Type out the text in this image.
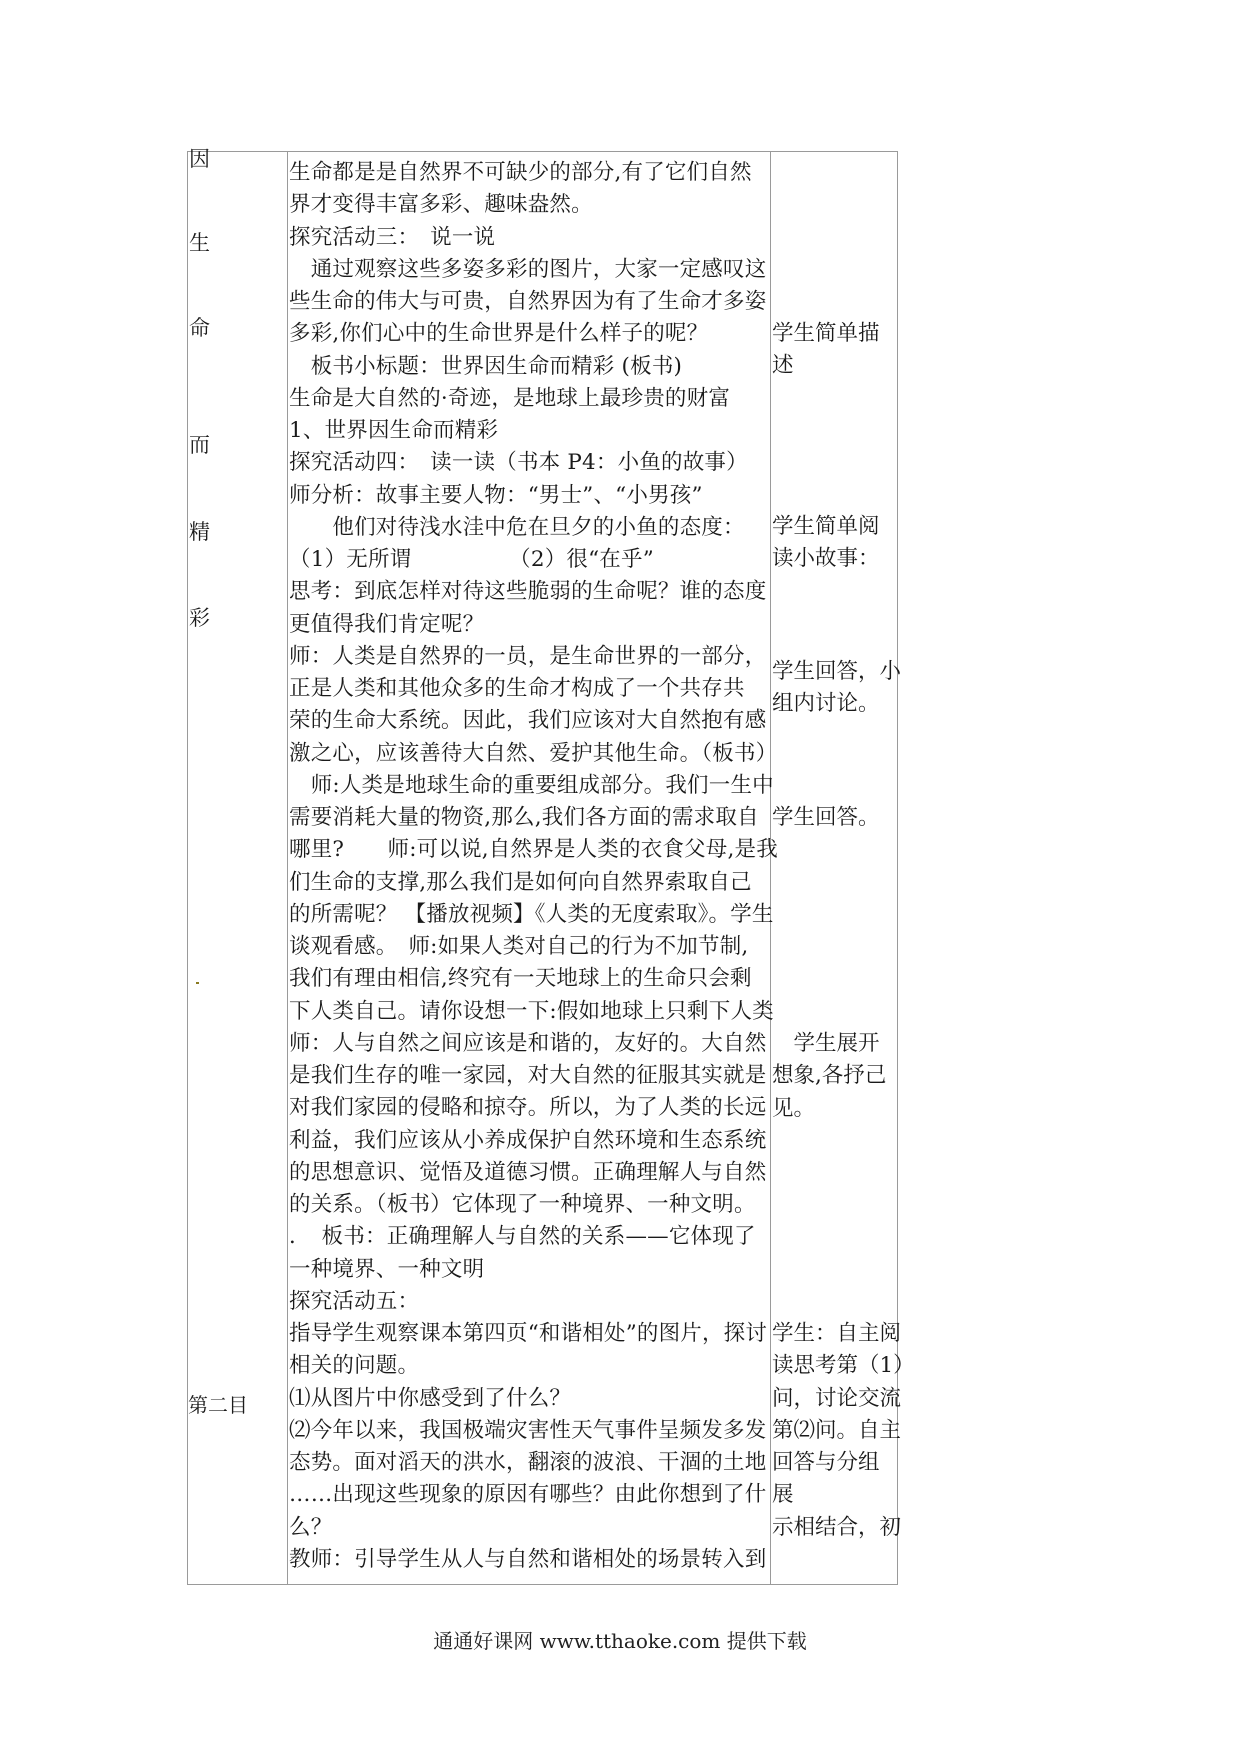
因
生
命
而
精
彩
第二目
生命都是是自然界不可缺少的部分,有了它们自然
界才变得丰富多彩、趣味盎然。
探究活动三：　说一说
　通过观察这些多姿多彩的图片，大家一定感叹这
些生命的伟大与可贵，自然界因为有了生命才多姿
多彩,你们心中的生命世界是什么样子的呢？
　板书小标题：世界因生命而精彩 (板书)
生命是大自然的·奇迹，是地球上最珍贵的财富
1、世界因生命而精彩
探究活动四：　读一读（书本 P4：小鱼的故事）
师分析：故事主要人物：“男士”、“小男孩”
　　他们对待浅水洼中危在旦夕的小鱼的态度：
（1）无所谓　　　　　（2）很“在乎”
思考：到底怎样对待这些脆弱的生命呢？谁的态度
更值得我们肯定呢？
师：人类是自然界的一员，是生命世界的一部分，
正是人类和其他众多的生命才构成了一个共存共
荣的生命大系统。因此，我们应该对大自然抱有感
激之心，应该善待大自然、爱护其他生命。（板书）
　师:人类是地球生命的重要组成部分。我们一生中
需要消耗大量的物资,那么,我们各方面的需求取自
哪里?　　师:可以说,自然界是人类的衣食父母,是我
们生命的支撑,那么我们是如何向自然界索取自己
的所需呢？ 【播放视频】《人类的无度索取》。学生
谈观看感。　师:如果人类对自己的行为不加节制,
我们有理由相信,终究有一天地球上的生命只会剩
下人类自己。请你设想一下:假如地球上只剩下人类
师：人与自然之间应该是和谐的，友好的。大自然
是我们生存的唯一家园，对大自然的征服其实就是
对我们家园的侵略和掠夺。所以，为了人类的长远
利益，我们应该从小养成保护自然环境和生态系统
的思想意识、觉悟及道德习惯。正确理解人与自然
的关系。（板书）它体现了一种境界、一种文明。
．　板书：正确理解人与自然的关系——它体现了
一种境界、一种文明
探究活动五：
指导学生观察课本第四页“和谐相处”的图片，探讨
相关的问题。
⑴从图片中你感受到了什么？
⑵今年以来，我国极端灾害性天气事件呈频发多发
态势。面对滔天的洪水，翻滚的波浪、干涸的土地
……出现这些现象的原因有哪些？由此你想到了什
么？
教师：引导学生从人与自然和谐相处的场景转入到
学生简单描
述
学生简单阅
读小故事：
学生回答，小
组内讨论。
学生回答。
　学生展开
想象,各抒己
见。
学生：自主阅
读思考第（1）
问，讨论交流
第⑵问。自主
回答与分组
展
示相结合，初
通通好课网 www.tthaoke.com 提供下载
